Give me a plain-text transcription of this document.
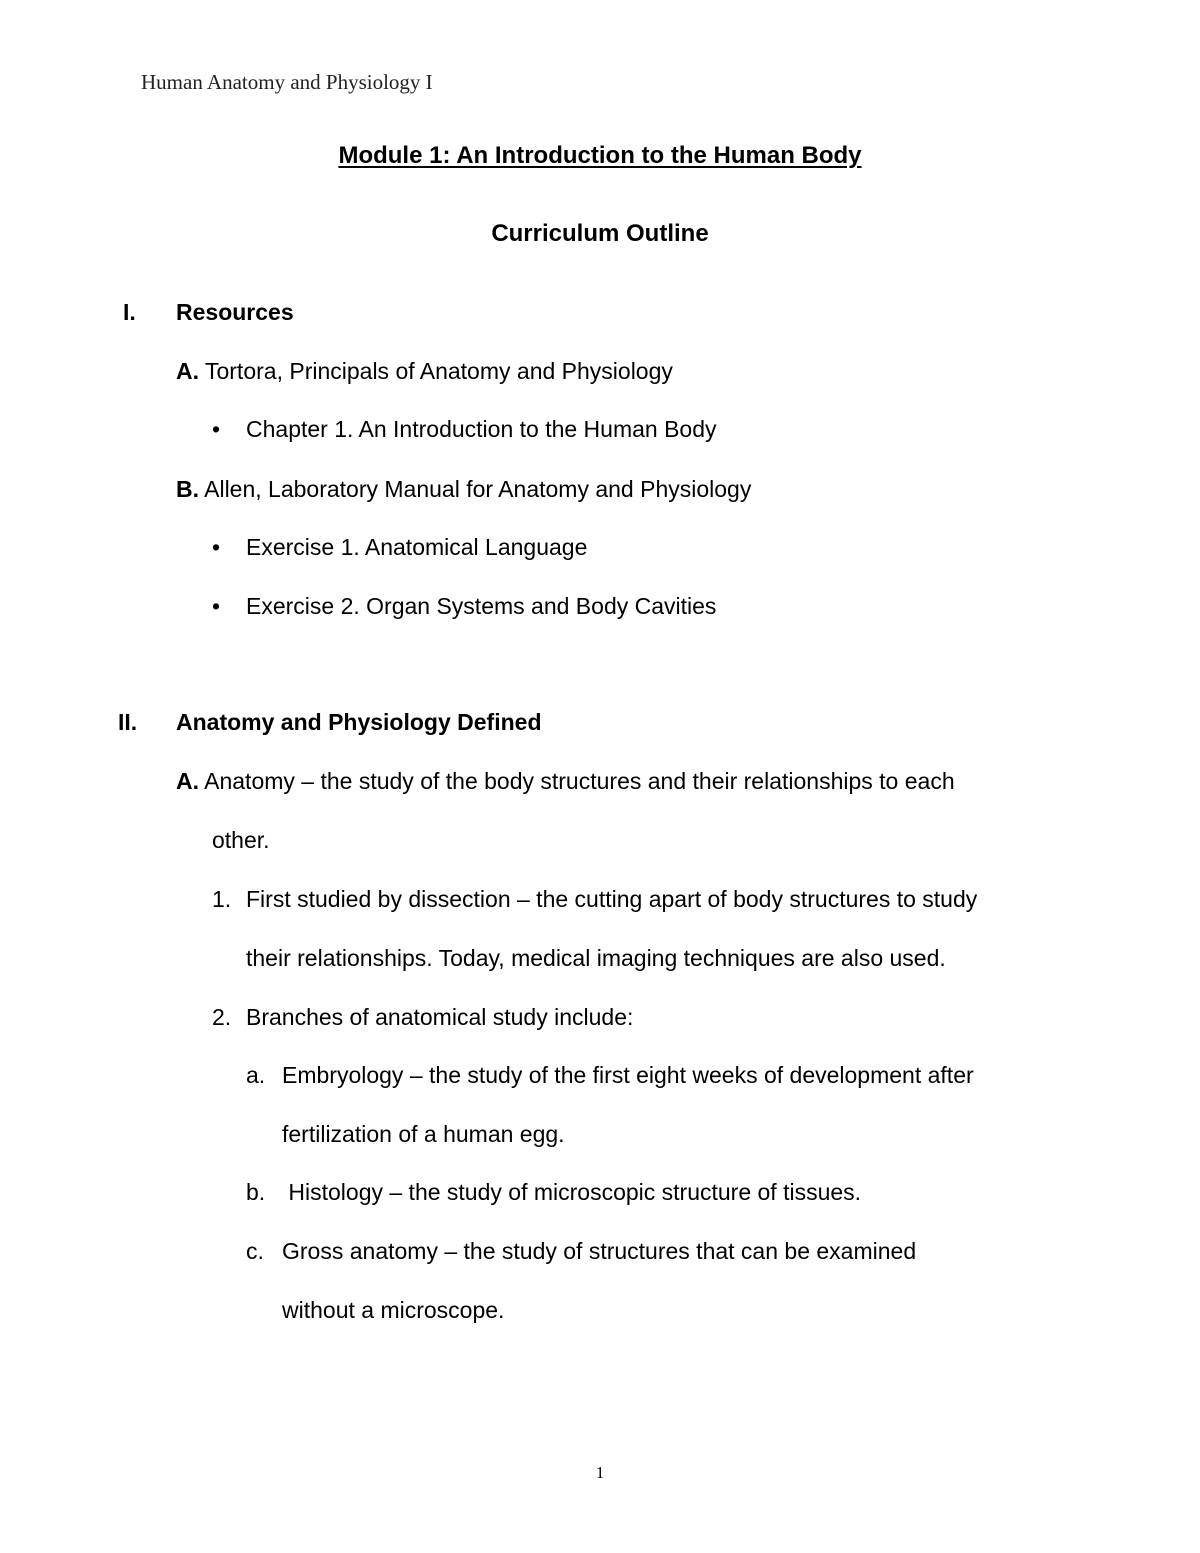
Human Anatomy and Physiology I
Module 1: An Introduction to the Human Body
Curriculum Outline
I. Resources
A. Tortora, Principals of Anatomy and Physiology
• Chapter 1. An Introduction to the Human Body
B. Allen, Laboratory Manual for Anatomy and Physiology
• Exercise 1. Anatomical Language
• Exercise 2. Organ Systems and Body Cavities
II. Anatomy and Physiology Defined
A. Anatomy – the study of the body structures and their relationships to each
other.
1. First studied by dissection – the cutting apart of body structures to study
their relationships. Today, medical imaging techniques are also used.
2. Branches of anatomical study include:
a. Embryology – the study of the first eight weeks of development after
fertilization of a human egg.
b. Histology – the study of microscopic structure of tissues.
c. Gross anatomy – the study of structures that can be examined
without a microscope.
1
